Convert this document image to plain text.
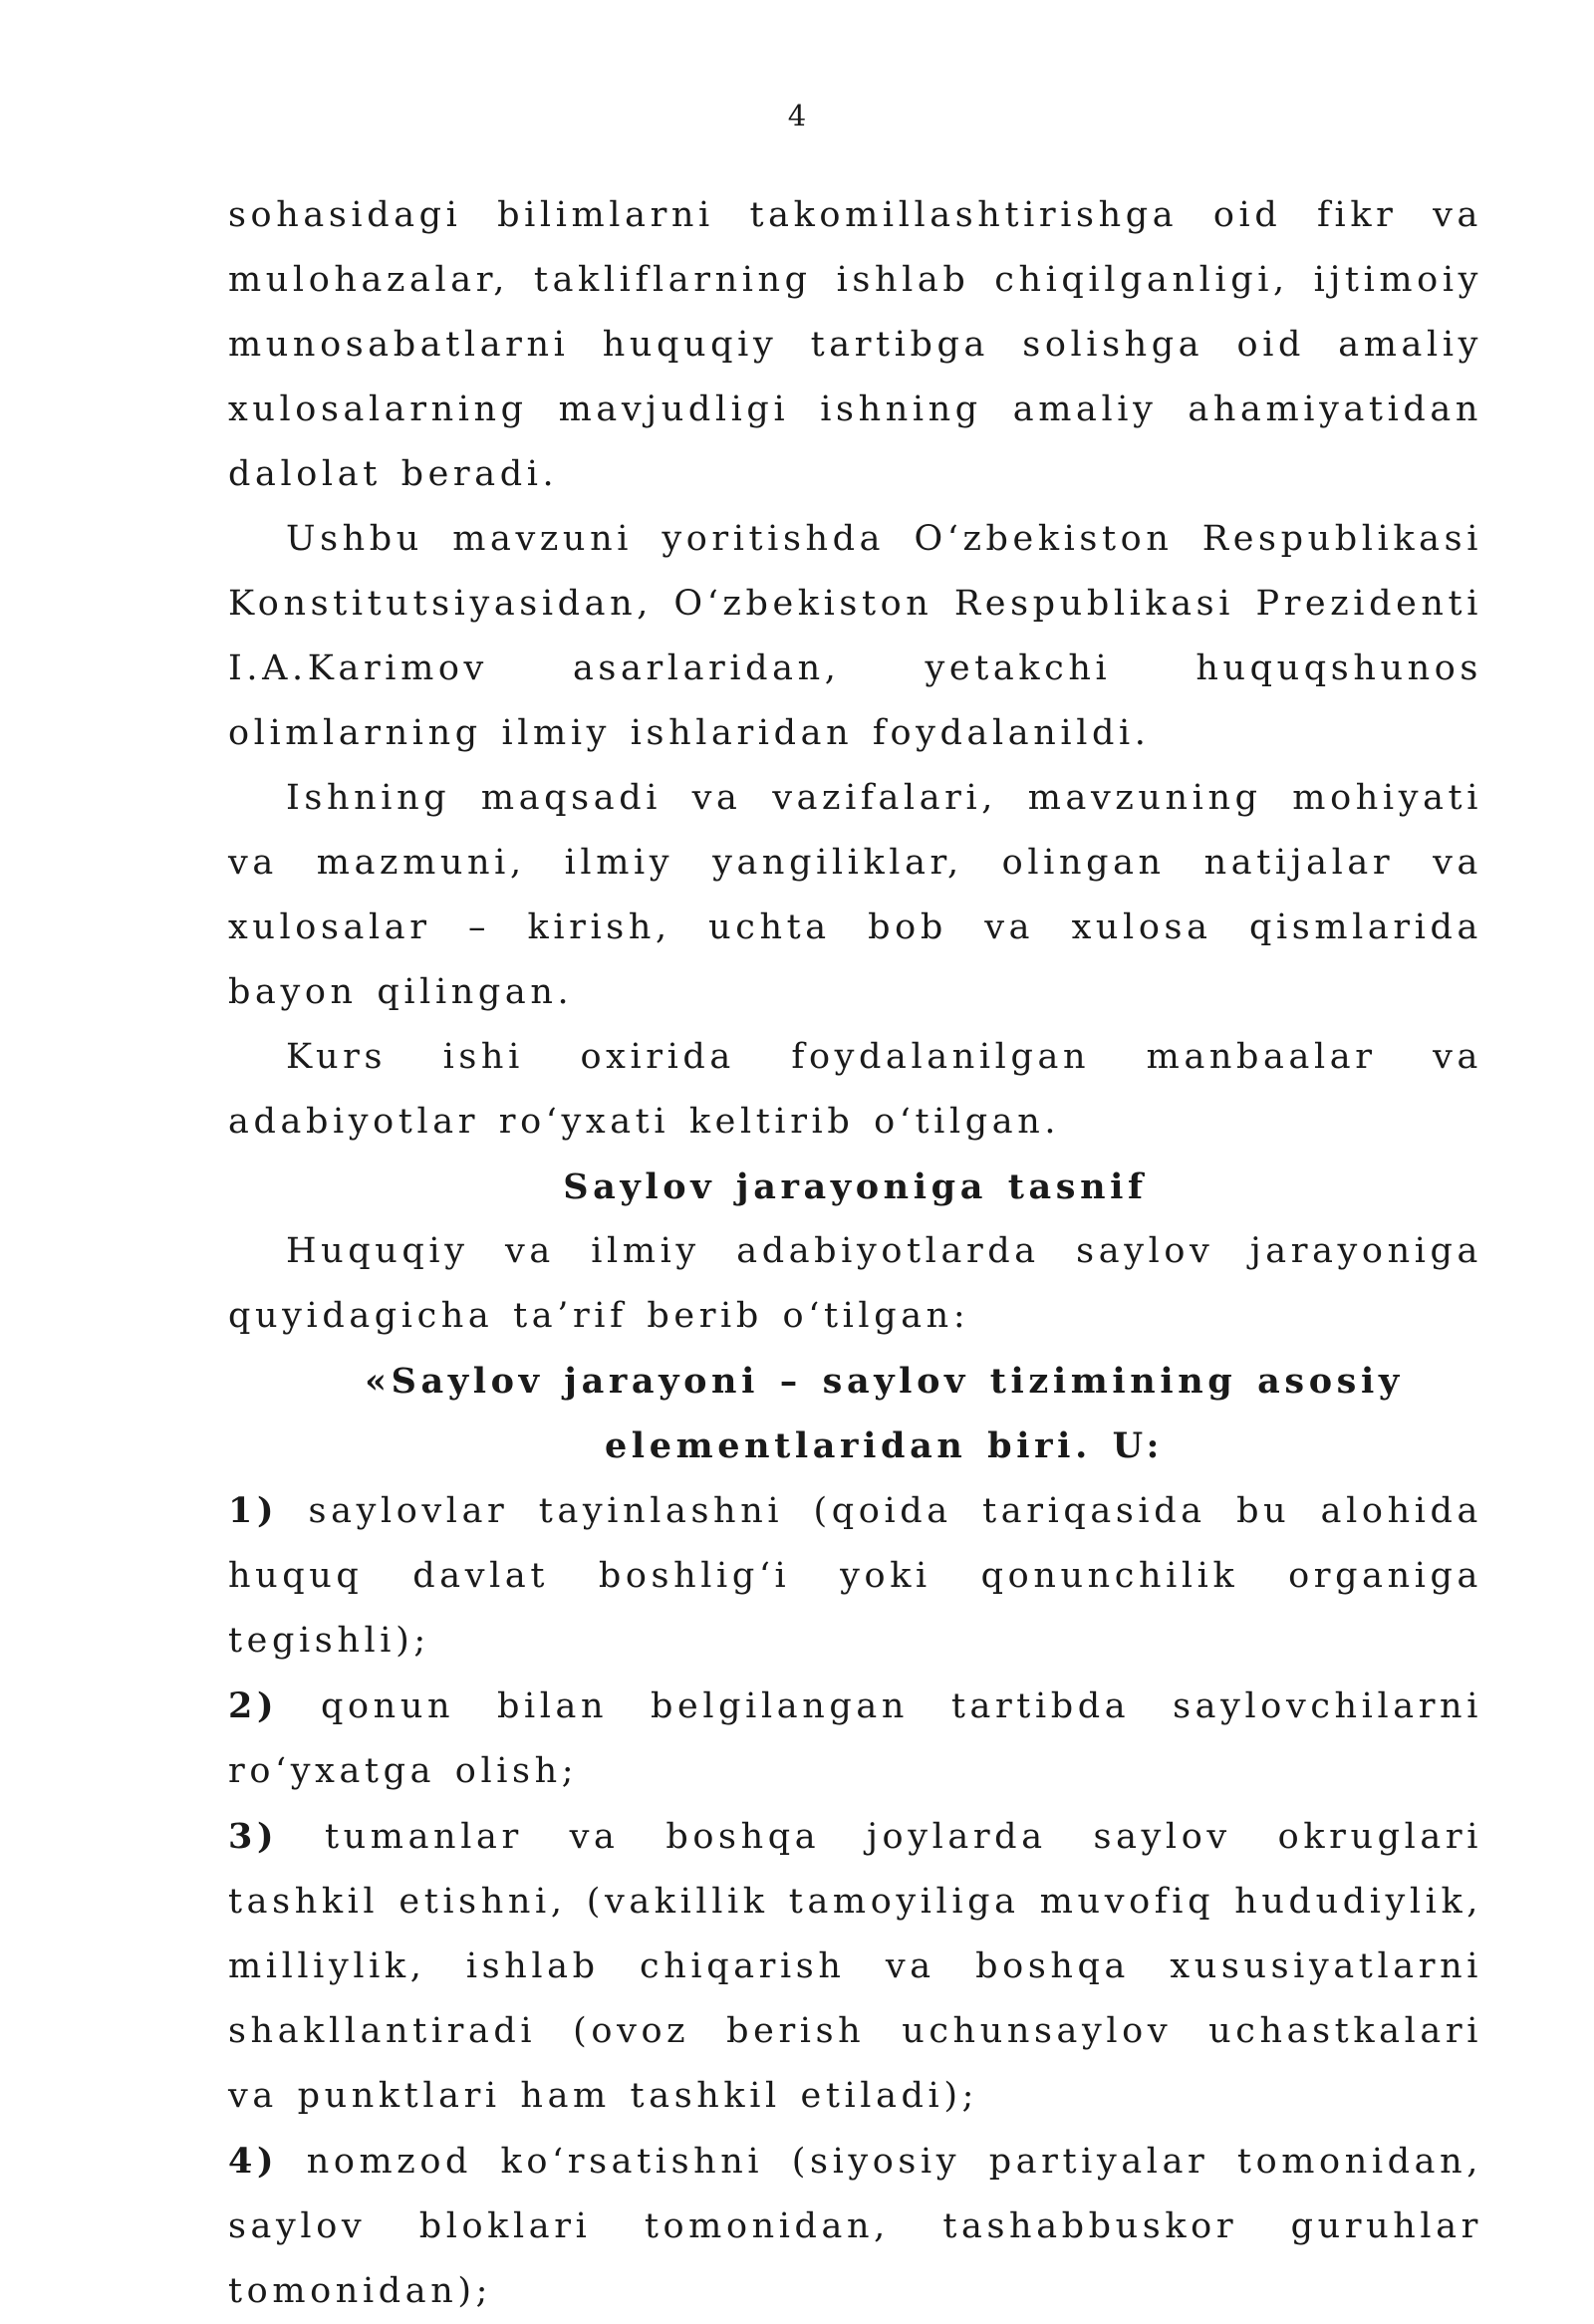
4

sohasidagi bilimlarni takomillashtirishga oid fikr va mulohazalar, takliflarning ishlab chiqilganligi, ijtimoiy munosabatlarni huquqiy tartibga solishga oid amaliy xulosalarning mavjudligi ishning amaliy ahamiyatidan dalolat beradi.

Ushbu mavzuni yoritishda O‘zbekiston Respublikasi Konstitutsiyasidan, O‘zbekiston Respublikasi Prezidenti I.A.Karimov asarlaridan, yetakchi huquqshunos olimlarning ilmiy ishlaridan foydalanildi.

Ishning maqsadi va vazifalari, mavzuning mohiyati va mazmuni, ilmiy yangiliklar, olingan natijalar va xulosalar – kirish, uchta bob va xulosa qismlarida bayon qilingan.

Kurs ishi oxirida foydalanilgan manbaalar va adabiyotlar ro‘yxati keltirib o‘tilgan.

Saylov jarayoniga tasnif

Huquqiy va ilmiy adabiyotlarda saylov jarayoniga quyidagicha ta’rif berib o‘tilgan:

«Saylov jarayoni – saylov tizimining asosiy elementlaridan biri. U:

1) saylovlar tayinlashni (qoida tariqasida bu alohida huquq davlat boshlig‘i yoki qonunchilik organiga tegishli);

2) qonun bilan belgilangan tartibda saylovchilarni ro‘yxatga olish;

3) tumanlar va boshqa joylarda saylov okruglari tashkil etishni, (vakillik tamoyiliga muvofiq hududiylik, milliylik, ishlab chiqarish va boshqa xususiyatlarni shakllantiradi (ovoz berish uchunsaylov uchastkalari va punktlari ham tashkil etiladi);

4) nomzod ko‘rsatishni (siyosiy partiyalar tomonidan, saylov bloklari tomonidan, tashabbuskor guruhlar tomonidan);
